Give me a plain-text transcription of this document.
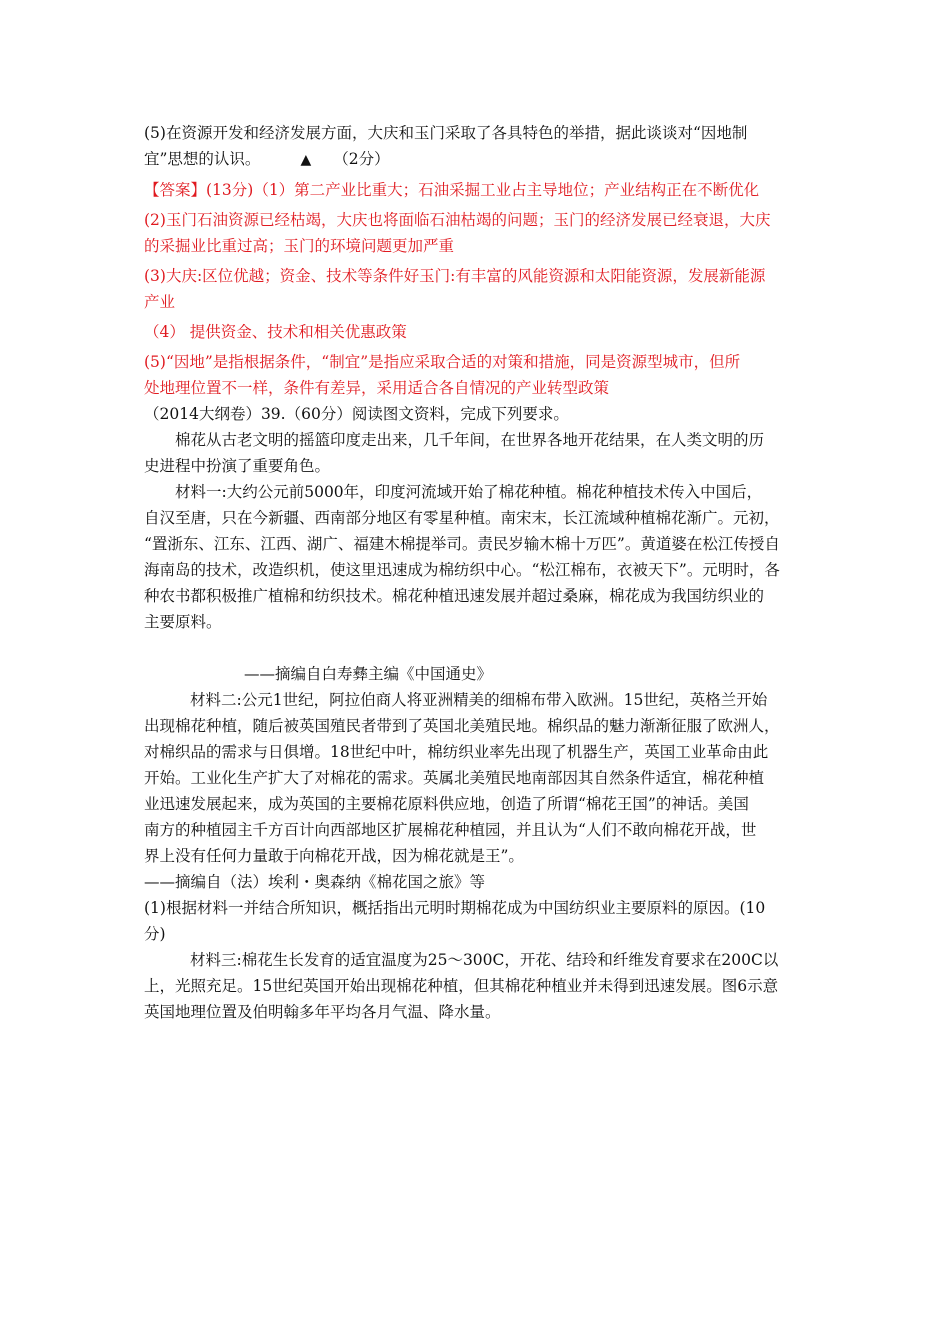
(5)在资源开发和经济发展方面，大庆和玉门采取了各具特色的举措，据此谈谈对“因地制

宜”思想的认识。	▲ （2分）

【答案】(13分)（1）第二产业比重大；石油采掘工业占主导地位；产业结构正在不断优化

(2)玉门石油资源已经枯竭，大庆也将面临石油枯竭的问题；玉门的经济发展已经衰退，大庆

的采掘业比重过高；玉门的环境问题更加严重

(3)大庆:区位优越；资金、技术等条件好玉门:有丰富的风能资源和太阳能资源，发展新能源

产业

（4） 提供资金、技术和相关优惠政策

(5)“因地”是指根据条件，“制宜”是指应采取合适的对策和措施，同是资源型城市，但所

处地理位置不一样，条件有差异，采用适合各自情况的产业转型政策

（2014大纲卷）39.（60分）阅读图文资料，完成下列要求。

棉花从古老文明的摇篮印度走出来，几千年间，在世界各地开花结果，在人类文明的历

史进程中扮演了重要角色。

材料一:大约公元前5000年，印度河流域开始了棉花种植。棉花种植技术传入中国后，

自汉至唐，只在今新疆、西南部分地区有零星种植。南宋末，长江流域种植棉花渐广。元初，

“置浙东、江东、江西、湖广、福建木棉提举司。责民岁输木棉十万匹”。黄道婆在松江传授自

海南岛的技术，改造织机，使这里迅速成为棉纺织中心。“松江棉布，衣被天下”。元明时，各

种农书都积极推广植棉和纺织技术。棉花种植迅速发展并超过桑麻，棉花成为我国纺织业的

主要原料。

——摘编自白寿彝主编《中国通史》

材料二:公元1世纪，阿拉伯商人将亚洲精美的细棉布带入欧洲。15世纪，英格兰开始

出现棉花种植，随后被英国殖民者带到了英国北美殖民地。棉织品的魅力渐渐征服了欧洲人，

对棉织品的需求与日俱增。18世纪中叶，棉纺织业率先出现了机器生产，英国工业革命由此

开始。工业化生产扩大了对棉花的需求。英属北美殖民地南部因其自然条件适宜，棉花种植

业迅速发展起来，成为英国的主要棉花原料供应地，创造了所谓“棉花王国”的神话。美国

南方的种植园主千方百计向西部地区扩展棉花种植园，并且认为“人们不敢向棉花开战，世

界上没有任何力量敢于向棉花开战，因为棉花就是王”。

——摘编自（法）埃利・奥森纳《棉花国之旅》等

(1)根据材料一并结合所知识，概括指出元明时期棉花成为中国纺织业主要原料的原因。(10

分)

材料三:棉花生长发育的适宜温度为25～300C，开花、结玲和纤维发育要求在200C以

上，光照充足。15世纪英国开始出现棉花种植，但其棉花种植业并未得到迅速发展。图6示意

英国地理位置及伯明翰多年平均各月气温、降水量。
